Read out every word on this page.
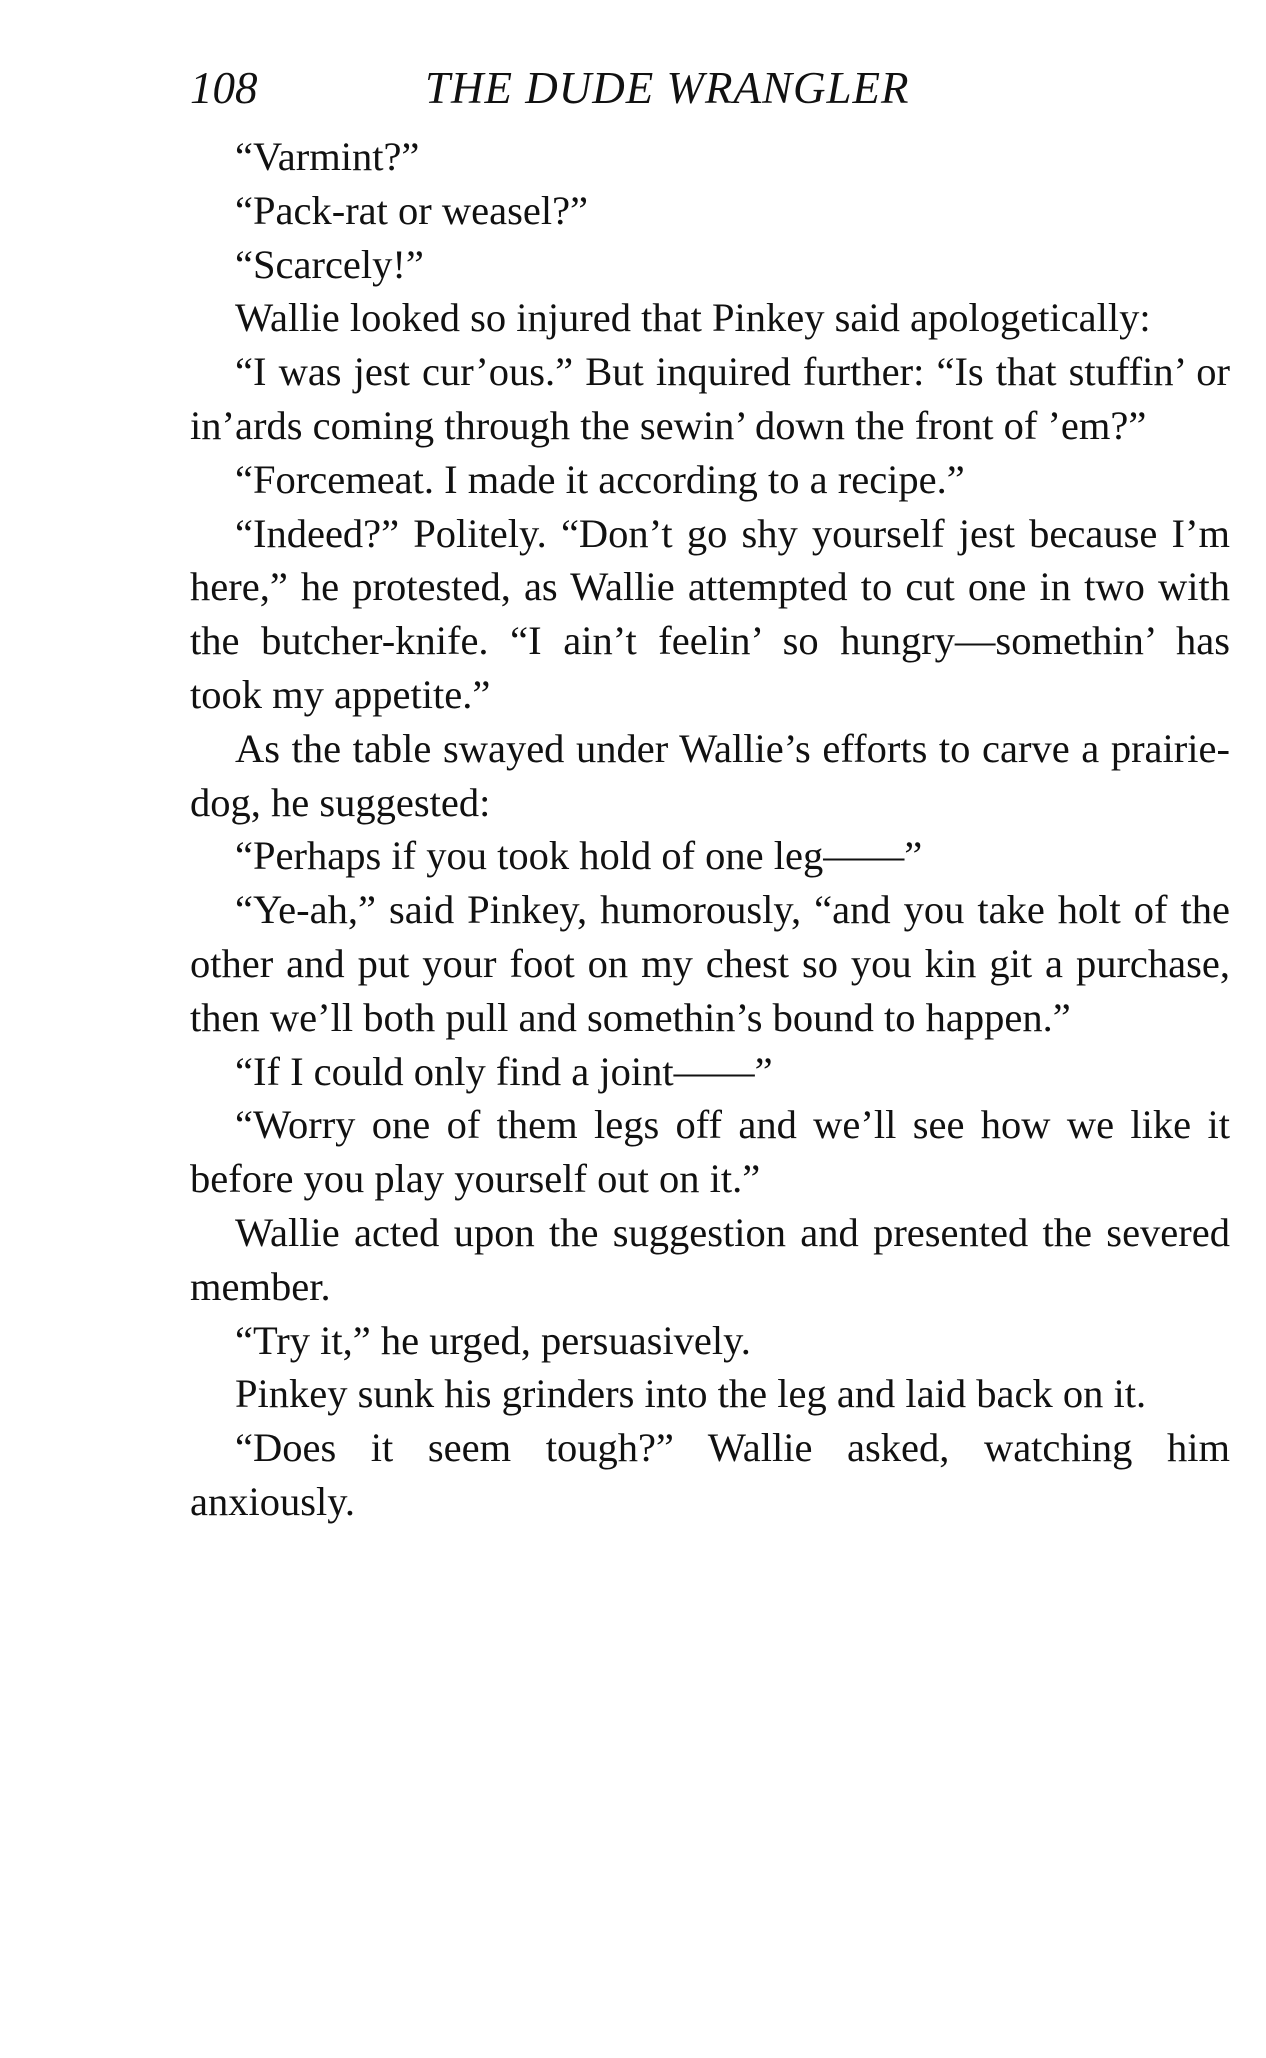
108	THE DUDE WRANGLER

“Varmint?”

“Pack-rat or weasel?”

“Scarcely!”

Wallie looked so injured that Pinkey said apologetically:

“I was jest cur’ous.” But inquired further: “Is that stuffin’ or in’ards coming through the sewin’ down the front of ’em?”

“Forcemeat. I made it according to a recipe.”

“Indeed?” Politely. “Don’t go shy yourself jest because I’m here,” he protested, as Wallie attempted to cut one in two with the butcher-knife. “I ain’t feelin’ so hungry—somethin’ has took my appetite.”

As the table swayed under Wallie’s efforts to carve a prairie-dog, he suggested:

“Perhaps if you took hold of one leg——”

“Ye-ah,” said Pinkey, humorously, “and you take holt of the other and put your foot on my chest so you kin git a purchase, then we’ll both pull and somethin’s bound to happen.”

“If I could only find a joint——”

“Worry one of them legs off and we’ll see how we like it before you play yourself out on it.”

Wallie acted upon the suggestion and presented the severed member.

“Try it,” he urged, persuasively.

Pinkey sunk his grinders into the leg and laid back on it.

“Does it seem tough?” Wallie asked, watching him anxiously.
